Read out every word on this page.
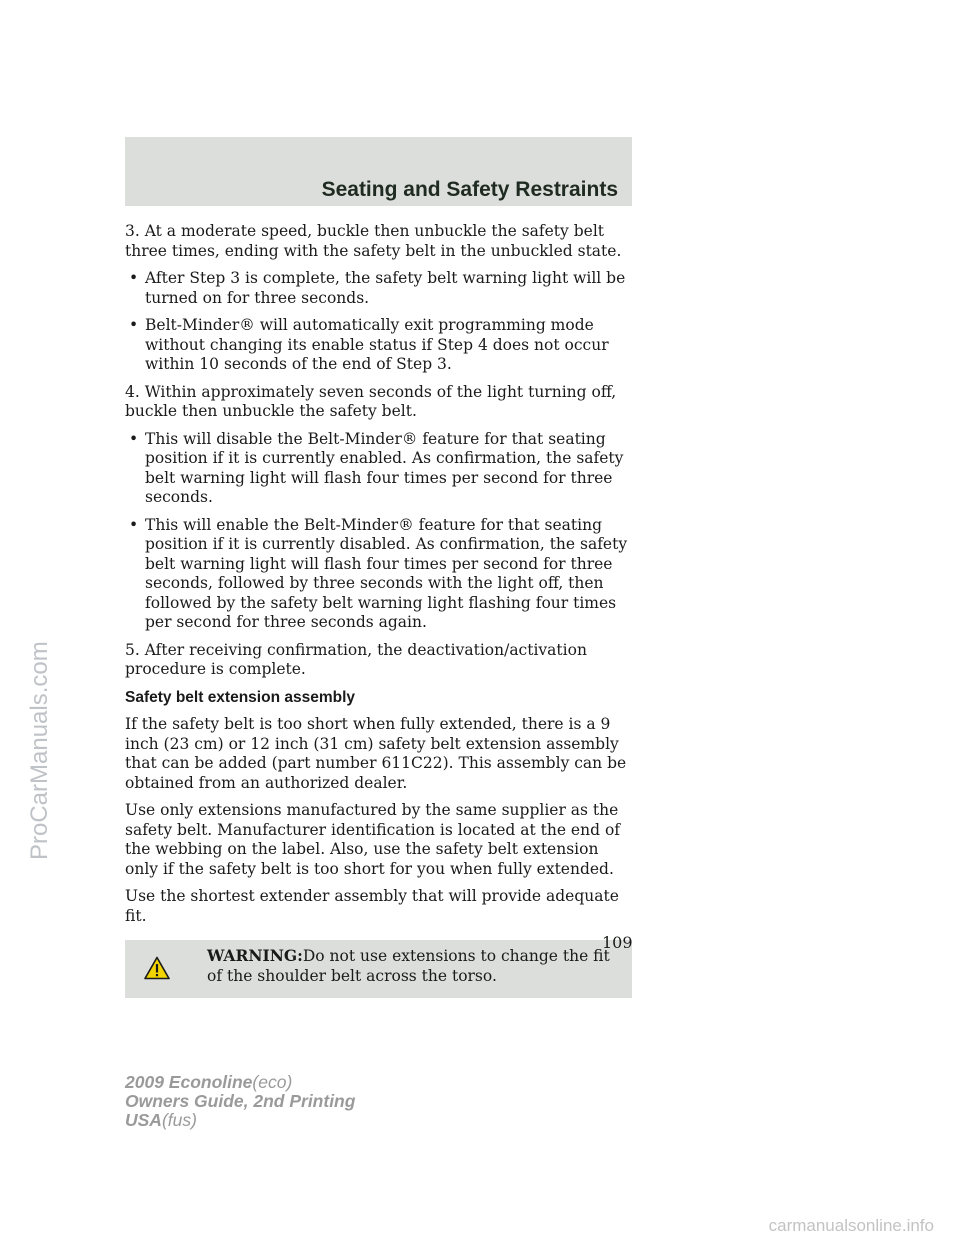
Seating and Safety Restraints
ProCarManuals.com

3. At a moderate speed, buckle then unbuckle the safety belt three times, ending with the safety belt in the unbuckled state.

• After Step 3 is complete, the safety belt warning light will be turned on for three seconds.
• Belt-Minder® will automatically exit programming mode without changing its enable status if Step 4 does not occur within 10 seconds of the end of Step 3.

4. Within approximately seven seconds of the light turning off, buckle then unbuckle the safety belt.

• This will disable the Belt-Minder® feature for that seating position if it is currently enabled. As confirmation, the safety belt warning light will flash four times per second for three seconds.
• This will enable the Belt-Minder® feature for that seating position if it is currently disabled. As confirmation, the safety belt warning light will flash four times per second for three seconds, followed by three seconds with the light off, then followed by the safety belt warning light flashing four times per second for three seconds again.

5. After receiving confirmation, the deactivation/activation procedure is complete.

Safety belt extension assembly

If the safety belt is too short when fully extended, there is a 9 inch (23 cm) or 12 inch (31 cm) safety belt extension assembly that can be added (part number 611C22). This assembly can be obtained from an authorized dealer.

Use only extensions manufactured by the same supplier as the safety belt. Manufacturer identification is located at the end of the webbing on the label. Also, use the safety belt extension only if the safety belt is too short for you when fully extended.

Use the shortest extender assembly that will provide adequate fit.

WARNING:Do not use extensions to change the fit of the shoulder belt across the torso.
109
2009 Econoline(eco)
Owners Guide, 2nd Printing
USA(fus)
carmanualsonline.info
